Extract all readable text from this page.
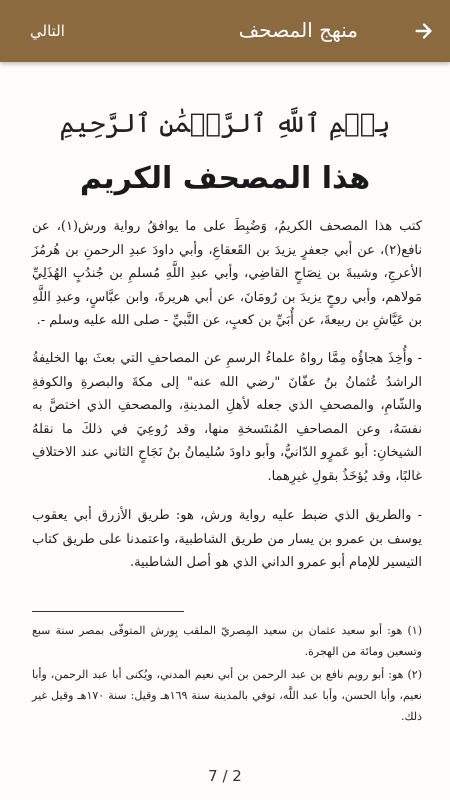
منهج المصحف
التالي
بِسۡمِ ٱللَّهِ ٱلرَّحۡمَٰنِ ٱلرَّحِيمِ
هذا المصحف الكريم

كتب هذا المصحف الكريمُ، وَضُبِطَ على ما يوافقُ رواية ورش(١)، عن نافع(٢)، عن أبي جعفرٍ يزيدَ بن القَعقاعِ، وأبي داودَ عبدِ الرحمنِ بن هُرمُزَ الأعرجِ، وشيبةَ بن نِصَاحٍ القاضِي، وأبي عبدِ اللَّهِ مُسلمِ بن جُندُبٍ الهُذَلِيِّ مَولاهم، وأبي روحٍ يزيدَ بن رُومَانَ، عن أبي هريرةَ، وابن عبَّاسٍ، وعبدِ اللَّهِ بن عَيَّاشِ بن ربيعةَ، عن أُبَيِّ بن كعبٍ، عن النَّبيِّ - صلى الله عليه وسلم -.

- وأُخِذَ هجاؤُه مِمَّا رواهُ علماءُ الرسمِ عن المصاحفِ التي بعثَ بها الخليفةُ الراشدُ عُثمانُ بنُ عفّانَ "رضي الله عنه" إلى مكةَ والبصرةِ والكوفةِ والشّامِ، والمصحفِ الذي جعله لأهلِ المدينةِ، والمصحفِ الذي اختصَّ به نفسَهُ، وعن المصاحفِ المُنتَسخةِ منها، وقد رُوعِيَ في ذلكَ ما نقلهُ الشيخانِ: أبو عَمرٍو الدّانيُّ، وأبو داودَ سُليمانُ بنُ نَجَاحٍ الثاني عند الاختلافِ غالبًا، وقد يُؤخَذُ بقولِ غيرِهما.

- والطريق الذي ضبط عليه رواية ورش، هو: طريق الأزرق أبي يعقوب يوسف بن عمرو بن يسار من طريق الشاطبية، واعتمدنا على طريق كتاب التيسير للإمام أبو عمرو الداني الذي هو أصل الشاطبية.

(١) هو: أبو سعيد عثمان بن سعيد المِصريّ الملقب بِورش المتوفّى بمصر سنة سبع وتسعين ومائة من الهجرة.

(٢) هو: أبو رويم نافع بن عبد الرحمن بن أبي نعيم المدني، ويُكنى أبا عبد الرحمن، وأبا نعيم، وأبا الحسن، وأبا عبد اللَّه، توفي بالمدينة سنة ١٦٩هـ وقيل: سنة ١٧٠هـ وقيل غير ذلك.

7 / 2
